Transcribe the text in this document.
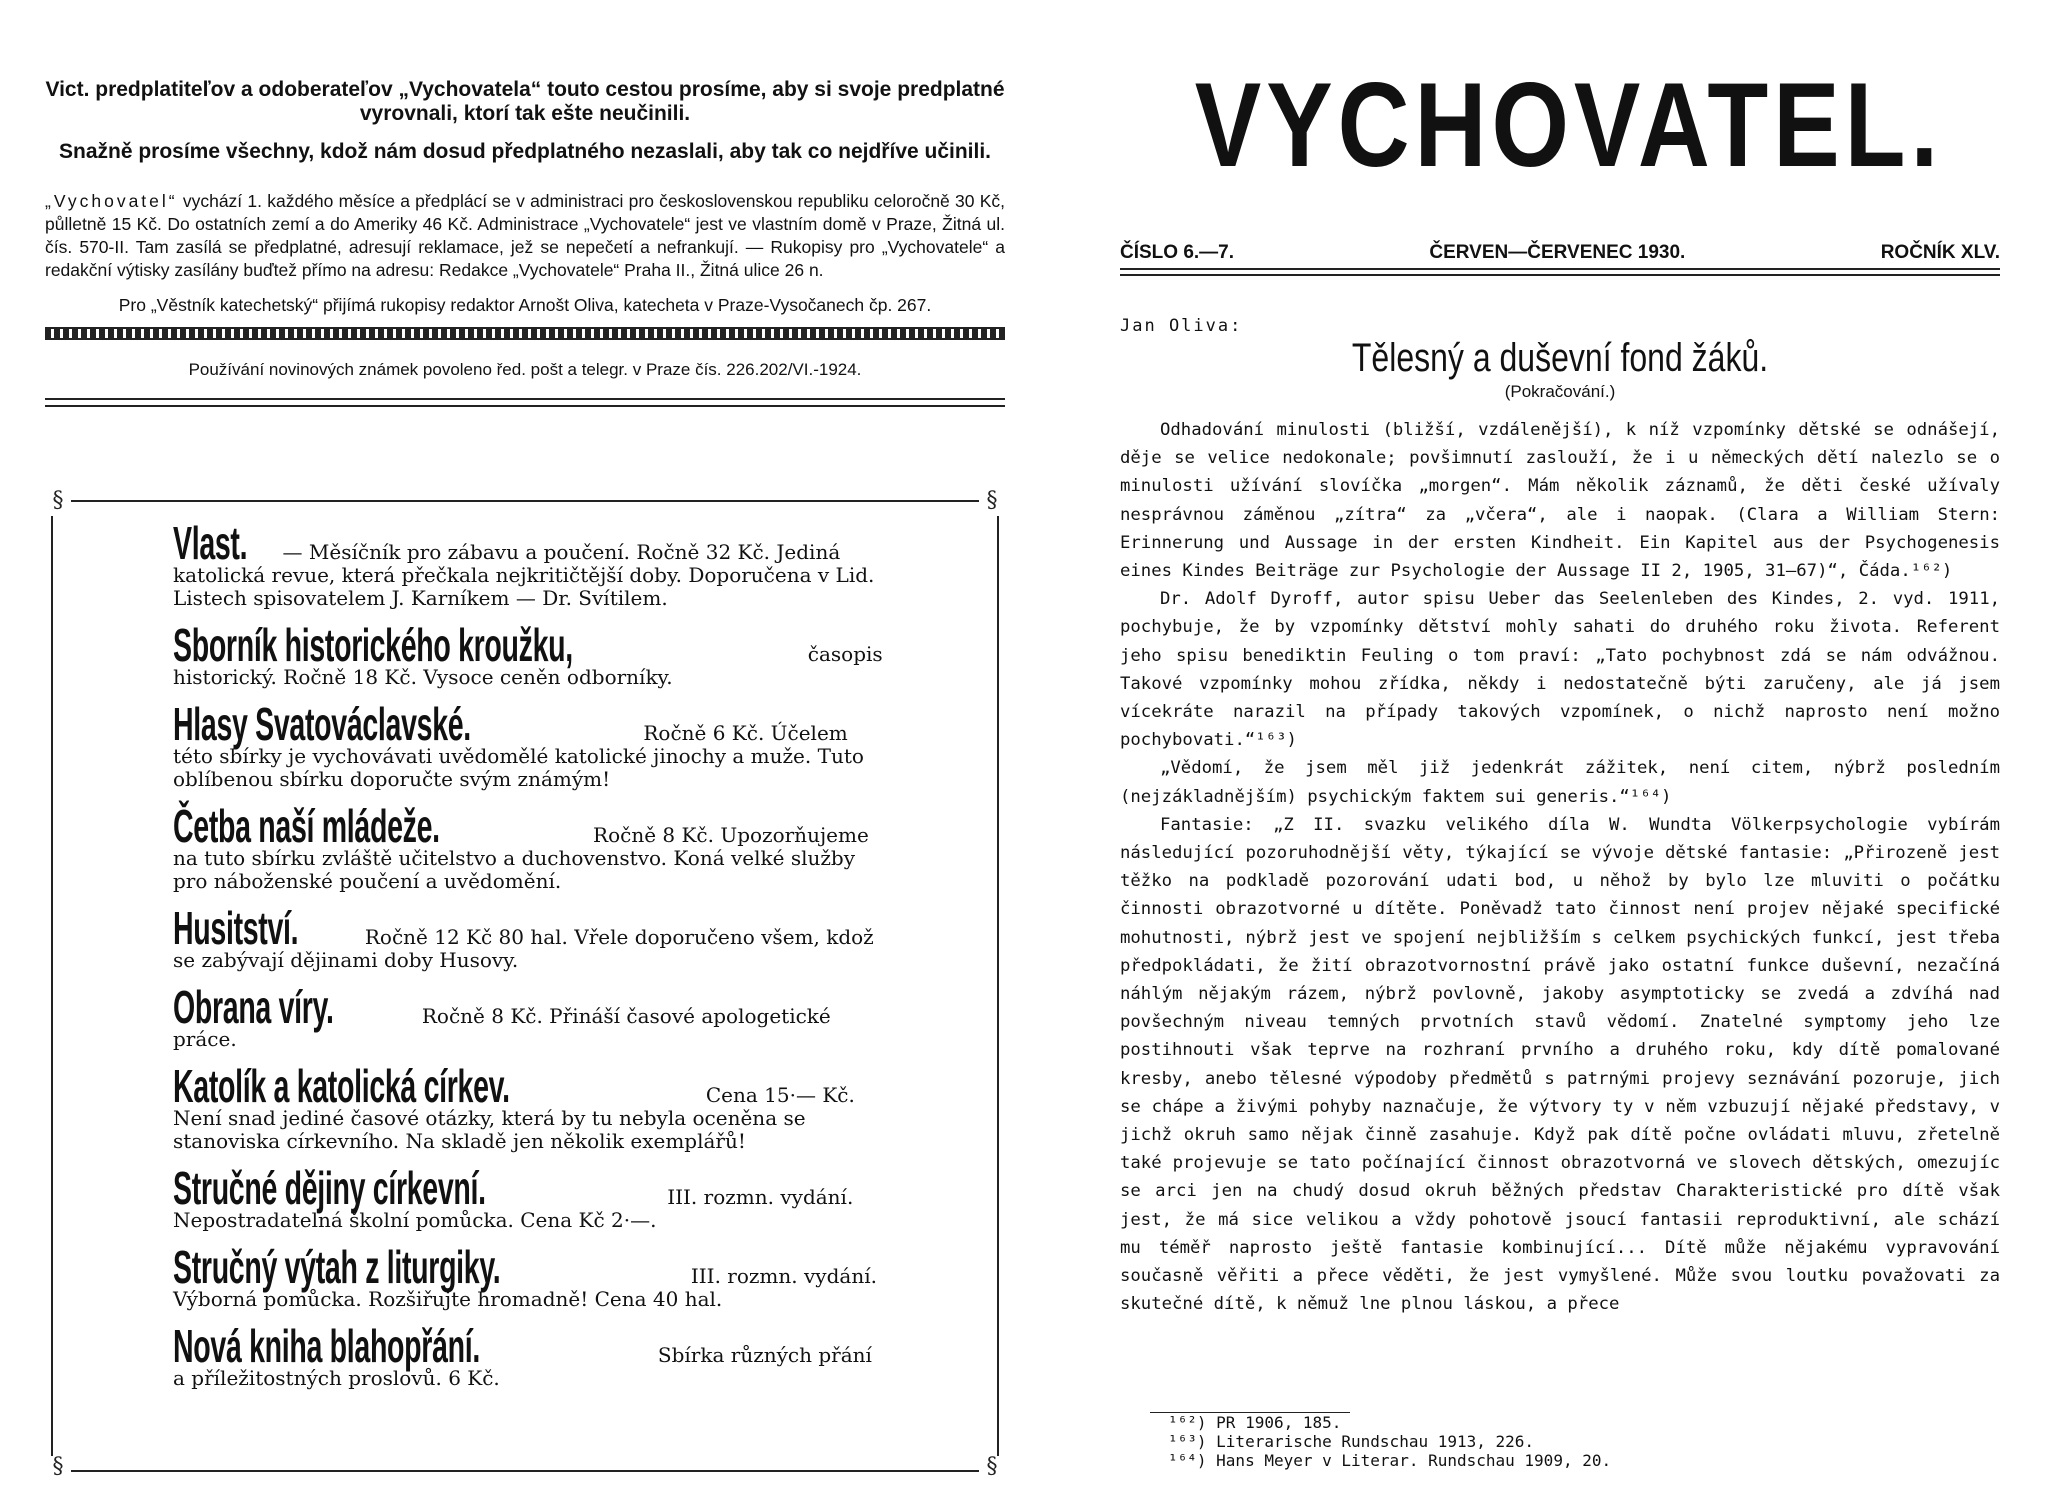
Vict. predplatiteľov a odoberateľov „Vychovatela“ touto cestou prosíme, aby si svoje predplatné vyrovnali, ktorí tak ešte neučinili.

Snažně prosíme všechny, kdož nám dosud předplatného nezaslali, aby tak co nejdříve učinili.

„Vychovatel“ vychází 1. každého měsíce a předplácí se v administraci pro československou republiku celoročně 30 Kč, půlletně 15 Kč. Do ostatních zemí a do Ameriky 46 Kč. Administrace „Vychovatele“ jest ve vlastním domě v Praze, Žitná ul. čís. 570-II. Tam zasílá se předplatné, adresují reklamace, jež se nepečetí a nefrankují. — Rukopisy pro „Vychovatele“ a redakční výtisky zasílány buďtež přímo na adresu: Redakce „Vychovatele“ Praha II., Žitná ulice 26 n.

Pro „Věstník katechetský“ přijímá rukopisy redaktor Arnošt Oliva, katecheta v Praze-Vysočanech čp. 267.

Používání novinových známek povoleno řed. pošt a telegr. v Praze čís. 226.202/VI.-1924.
§	§
§	§

Vlast. — Měsíčník pro zábavu a poučení. Ročně 32 Kč. Jediná katolická revue, která přečkala nejkritičtější doby. Doporučena v Lid. Listech spisovatelem J. Karníkem — Dr. Svítilem.

Sborník historického kroužku,	časopis historický. Ročně 18 Kč. Vysoce ceněn odborníky.

Hlasy Svatováclavské.	Ročně 6 Kč. Účelem této sbírky je vychovávati uvědomělé katolické jinochy a muže. Tuto oblíbenou sbírku doporučte svým známým!

Četba naší mládeže.	Ročně 8 Kč. Upozorňujeme na tuto sbírku zvláště učitelstvo a duchovenstvo. Koná velké služby pro náboženské poučení a uvědomění.

Husitství.	Ročně 12 Kč 80 hal. Vřele doporučeno všem, kdož se zabývají dějinami doby Husovy.

Obrana víry.	Ročně 8 Kč. Přináší časové apologetické práce.

Katolík a katolická církev.	Cena 15·— Kč. Není snad jediné časové otázky, která by tu nebyla oceněna se stanoviska církevního. Na skladě jen několik exemplářů!

Stručné dějiny církevní.	III. rozmn. vydání. Nepostradatelná školní pomůcka. Cena Kč 2·—.

Stručný výtah z liturgiky.	III. rozmn. vydání. Výborná pomůcka. Rozšiřujte hromadně! Cena 40 hal.

Nová kniha blahopřání.	Sbírka různých přání a příležitostných proslovů. 6 Kč.

VYCHOVATEL.
ČÍSLO 6.—7.	ČERVEN—ČERVENEC 1930.	ROČNÍK XLV.
Jan Oliva:
Tělesný a duševní fond žáků.
(Pokračování.)

Odhadování minulosti (bližší, vzdálenější), k níž vzpomínky dětské se odnášejí, děje se velice nedokonale; povšimnutí zaslouží, že i u německých dětí nalezlo se o minulosti užívání slovíčka „morgen“. Mám několik záznamů, že děti české užívaly nesprávnou záměnou „zítra“ za „včera“, ale i naopak. (Clara a William Stern: Erinnerung und Aussage in der ersten Kindheit. Ein Kapitel aus der Psychogenesis eines Kindes Beiträge zur Psychologie der Aussage II 2, 1905, 31—67)“, Čáda.¹⁶²)

Dr. Adolf Dyroff, autor spisu Ueber das Seelenleben des Kindes, 2. vyd. 1911, pochybuje, že by vzpomínky dětství mohly sahati do druhého roku života. Referent jeho spisu benediktin Feuling o tom praví: „Tato pochybnost zdá se nám odvážnou. Takové vzpomínky mohou zřídka, někdy i nedostatečně býti zaručeny, ale já jsem vícekráte narazil na případy takových vzpomínek, o nichž naprosto není možno pochybovati.“¹⁶³)

„Vědomí, že jsem měl již jedenkrát zážitek, není citem, nýbrž posledním (nejzákladnějším) psychickým faktem sui generis.“¹⁶⁴)

Fantasie: „Z II. svazku velikého díla W. Wundta Völkerpsychologie vybírám následující pozoruhodnější věty, týkající se vývoje dětské fantasie: „Přirozeně jest těžko na podkladě pozorování udati bod, u něhož by bylo lze mluviti o počátku činnosti obrazotvorné u dítěte. Poněvadž tato činnost není projev nějaké specifické mohutnosti, nýbrž jest ve spojení nejbližším s celkem psychických funkcí, jest třeba předpokládati, že žití obrazotvornostní právě jako ostatní funkce duševní, nezačíná náhlým nějakým rázem, nýbrž povlovně, jakoby asymptoticky se zvedá a zdvíhá nad povšechným niveau temných prvotních stavů vědomí. Znatelné symptomy jeho lze postihnouti však teprve na rozhraní prvního a druhého roku, kdy dítě pomalované kresby, anebo tělesné výpodoby předmětů s patrnými projevy seznávání pozoruje, jich se chápe a živými pohyby naznačuje, že výtvory ty v něm vzbuzují nějaké představy, v jichž okruh samo nějak činně zasahuje. Když pak dítě počne ovládati mluvu, zřetelně také projevuje se tato počínající činnost obrazotvorná ve slovech dětských, omezujíc se arci jen na chudý dosud okruh běžných představ Charakteristické pro dítě však jest, že má sice velikou a vždy pohotově jsoucí fantasii reproduktivní, ale schází mu téměř naprosto ještě fantasie kombinující... Dítě může nějakému vypravování současně věřiti a přece věděti, že jest vymyšlené. Může svou loutku považovati za skutečné dítě, k němuž lne plnou láskou, a přece

¹⁶²) PR 1906, 185.
¹⁶³) Literarische Rundschau 1913, 226.
¹⁶⁴) Hans Meyer v Literar. Rundschau 1909, 20.
